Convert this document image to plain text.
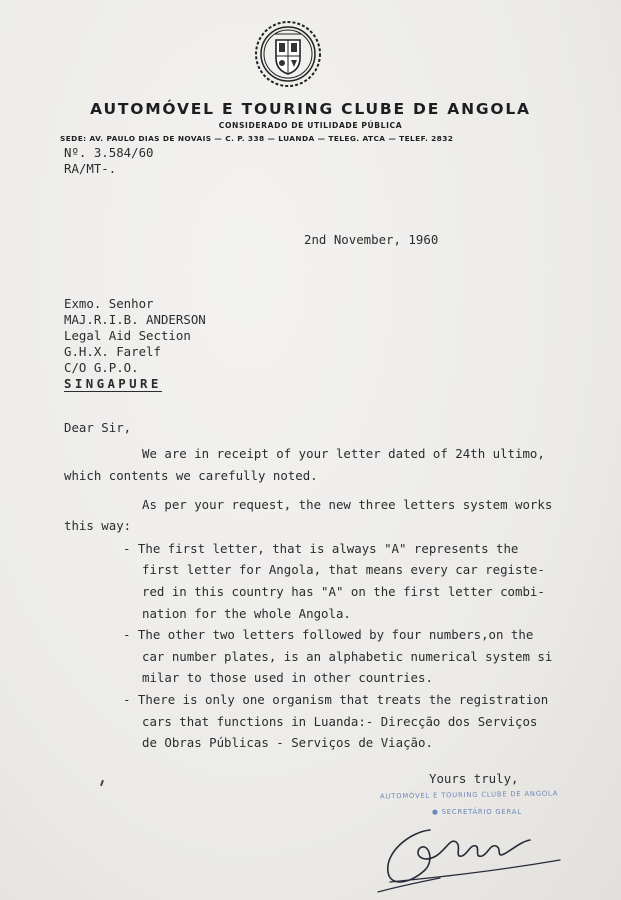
AUTOMÓVEL E TOURING CLUBE DE ANGOLA
CONSIDERADO DE UTILIDADE PÚBLICA
SEDE: AV. PAULO DIAS DE NOVAIS — C. P. 338 — LUANDA — TELEG. ATCA — TELEF. 2832
Nº. 3.584/60
RA/MT-.
2nd November, 1960
Exmo. Senhor
MAJ.R.I.B. ANDERSON
Legal Aid Section
G.H.X. Farelf
C/O G.P.O.
SINGAPURE
Dear Sir,
We are in receipt of your letter dated of 24th ultimo,
which contents we carefully noted.
As per your request, the new three letters system works
this way:
- The first letter, that is always "A" represents the
first letter for Angola, that means every car registe-
red in this country has "A" on the first letter combi-
nation for the whole Angola.
- The other two letters followed by four numbers,on the
car number plates, is an alphabetic numerical system si
milar to those used in other countries.
- There is only one organism that treats the registration
cars that functions in Luanda:- Direcção dos Serviços
de Obras Públicas - Serviços de Viação.
Yours truly,
AUTOMÓVEL E TOURING CLUBE DE ANGOLA
● SECRETÁRIO GERAL
